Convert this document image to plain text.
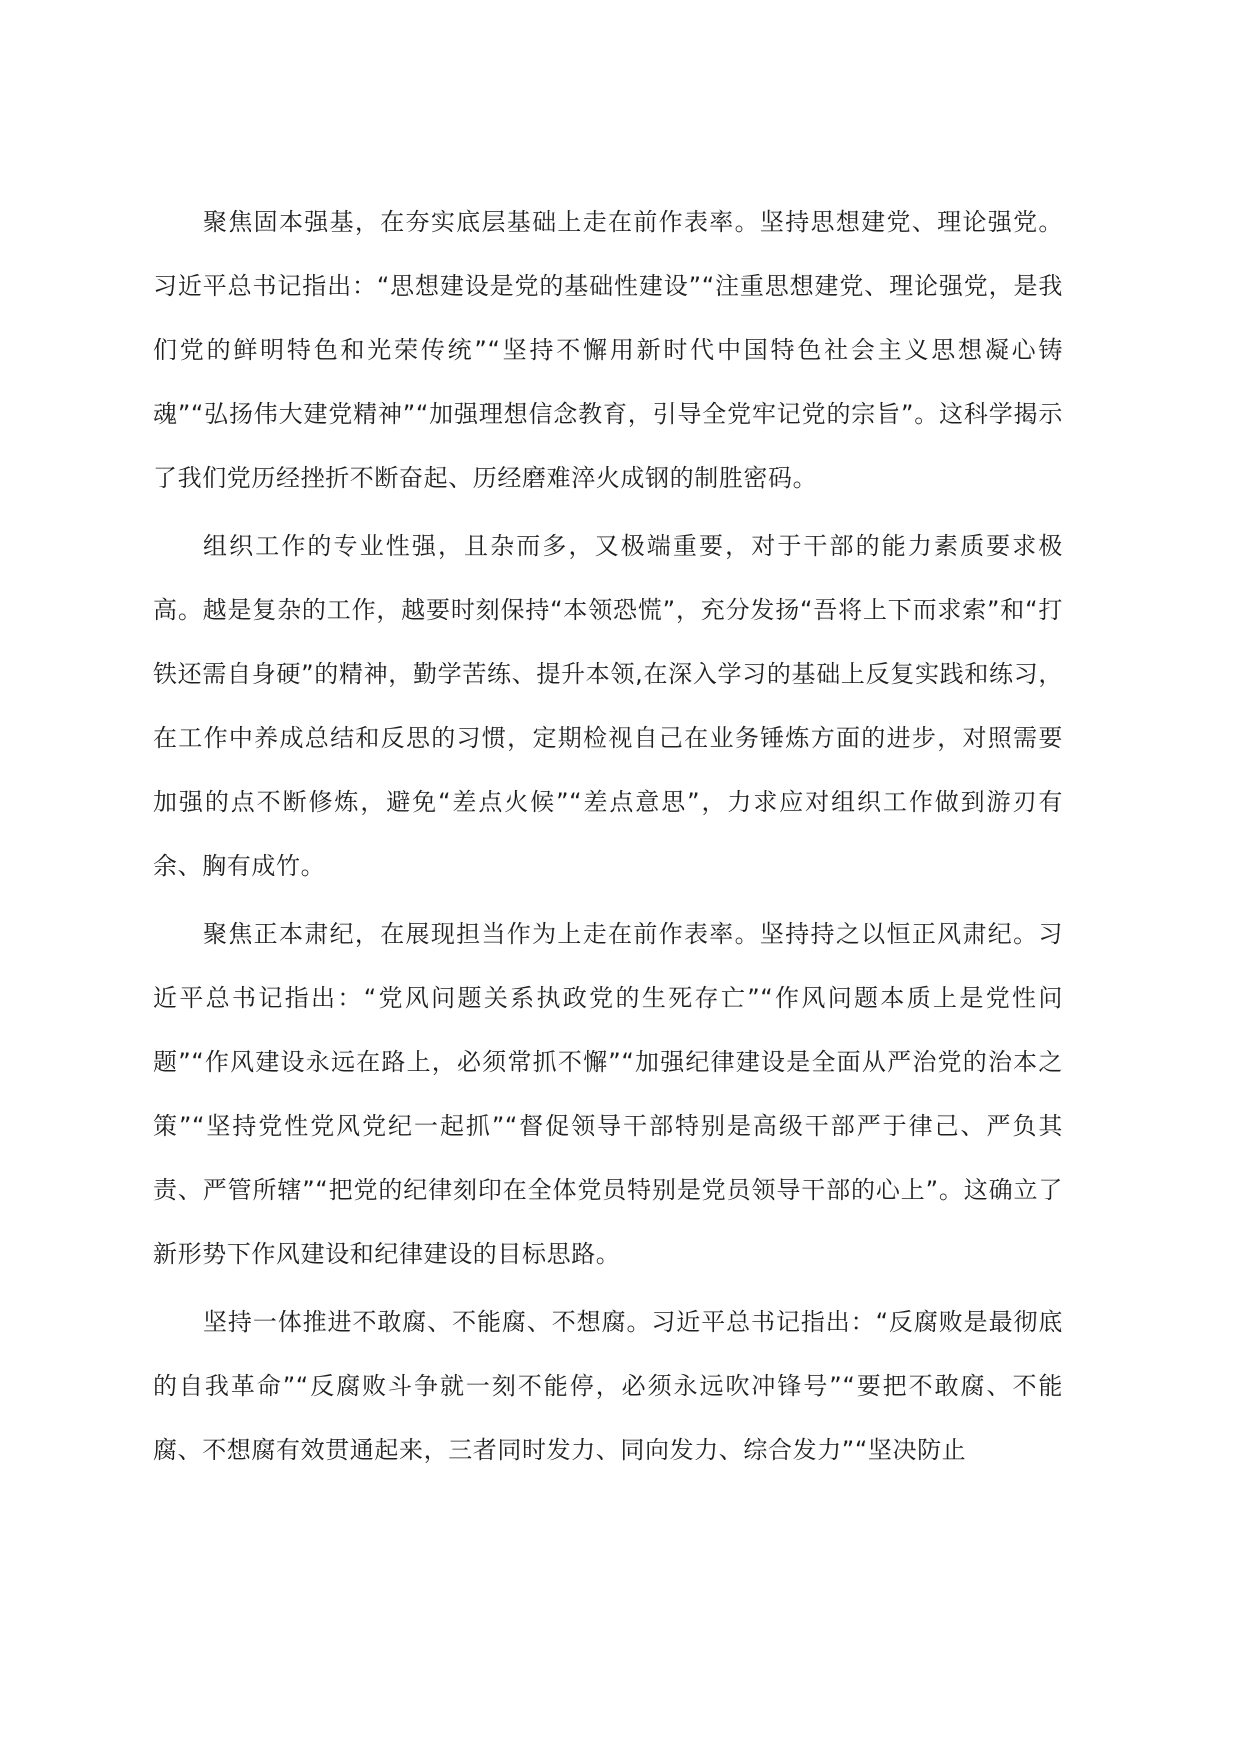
聚焦固本强基，在夯实底层基础上走在前作表率。坚持思想建党、理论强党。习近平总书记指出：“思想建设是党的基础性建设”“注重思想建党、理论强党，是我们党的鲜明特色和光荣传统”“坚持不懈用新时代中国特色社会主义思想凝心铸魂”“弘扬伟大建党精神”“加强理想信念教育，引导全党牢记党的宗旨”。这科学揭示了我们党历经挫折不断奋起、历经磨难淬火成钢的制胜密码。

组织工作的专业性强，且杂而多，又极端重要，对于干部的能力素质要求极高。越是复杂的工作，越要时刻保持“本领恐慌”，充分发扬“吾将上下而求索”和“打铁还需自身硬”的精神，勤学苦练、提升本领,在深入学习的基础上反复实践和练习，在工作中养成总结和反思的习惯，定期检视自己在业务锤炼方面的进步，对照需要加强的点不断修炼，避免“差点火候”“差点意思”，力求应对组织工作做到游刃有余、胸有成竹。

聚焦正本肃纪，在展现担当作为上走在前作表率。坚持持之以恒正风肃纪。习近平总书记指出：“党风问题关系执政党的生死存亡”“作风问题本质上是党性问题”“作风建设永远在路上，必须常抓不懈”“加强纪律建设是全面从严治党的治本之策”“坚持党性党风党纪一起抓”“督促领导干部特别是高级干部严于律己、严负其责、严管所辖”“把党的纪律刻印在全体党员特别是党员领导干部的心上”。这确立了新形势下作风建设和纪律建设的目标思路。

坚持一体推进不敢腐、不能腐、不想腐。习近平总书记指出：“反腐败是最彻底的自我革命”“反腐败斗争就一刻不能停，必须永远吹冲锋号”“要把不敢腐、不能腐、不想腐有效贯通起来，三者同时发力、同向发力、综合发力”“坚决防止
